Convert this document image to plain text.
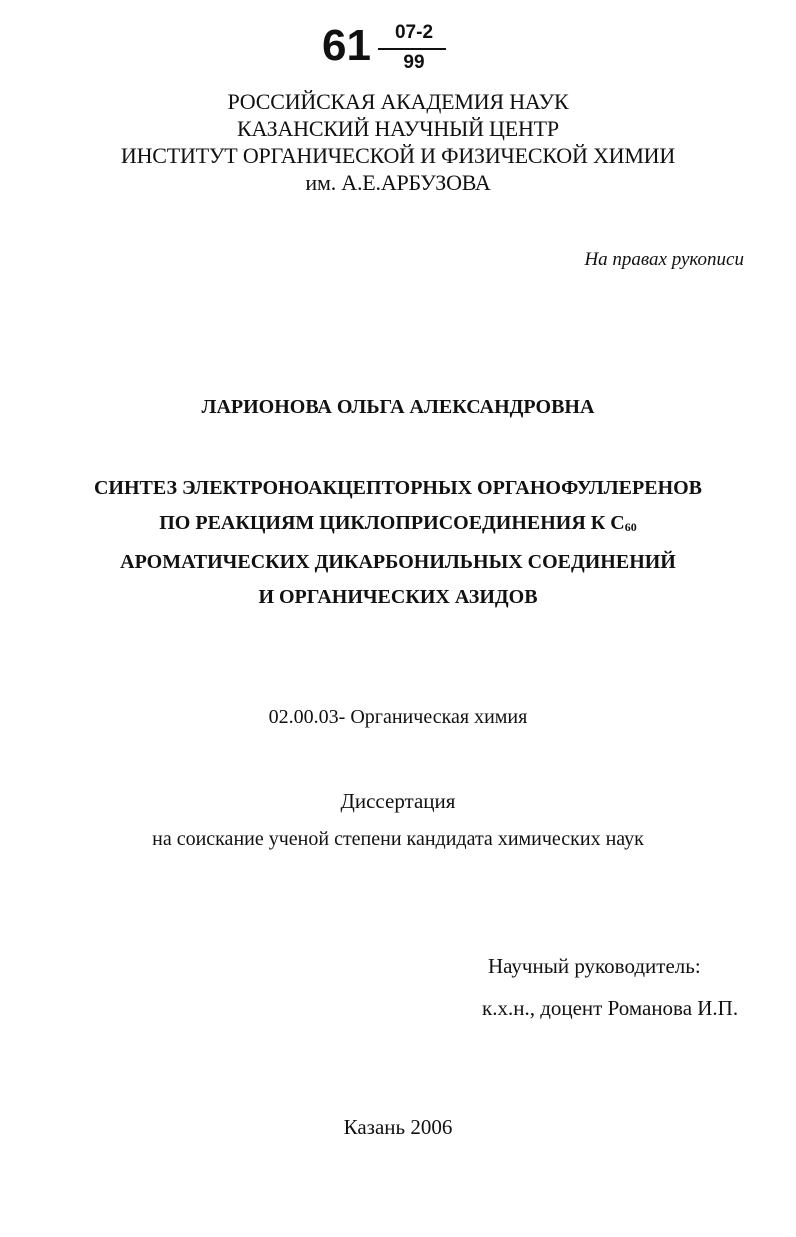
61	07-2
99
РОССИЙСКАЯ АКАДЕМИЯ НАУК
КАЗАНСКИЙ НАУЧНЫЙ ЦЕНТР
ИНСТИТУТ ОРГАНИЧЕСКОЙ И ФИЗИЧЕСКОЙ ХИМИИ
им. А.Е.АРБУЗОВА
На правах рукописи
ЛАРИОНОВА ОЛЬГА АЛЕКСАНДРОВНА
СИНТЕЗ ЭЛЕКТРОНОАКЦЕПТОРНЫХ ОРГАНОФУЛЛЕРЕНОВ
ПО РЕАКЦИЯМ ЦИКЛОПРИСОЕДИНЕНИЯ К $С_{60}$
АРОМАТИЧЕСКИХ ДИКАРБОНИЛЬНЫХ СОЕДИНЕНИЙ
И ОРГАНИЧЕСКИХ АЗИДОВ
02.00.03- Органическая химия
Диссертация
на соискание ученой степени кандидата химических наук
Научный руководитель:
к.х.н., доцент Романова И.П.
Казань 2006
